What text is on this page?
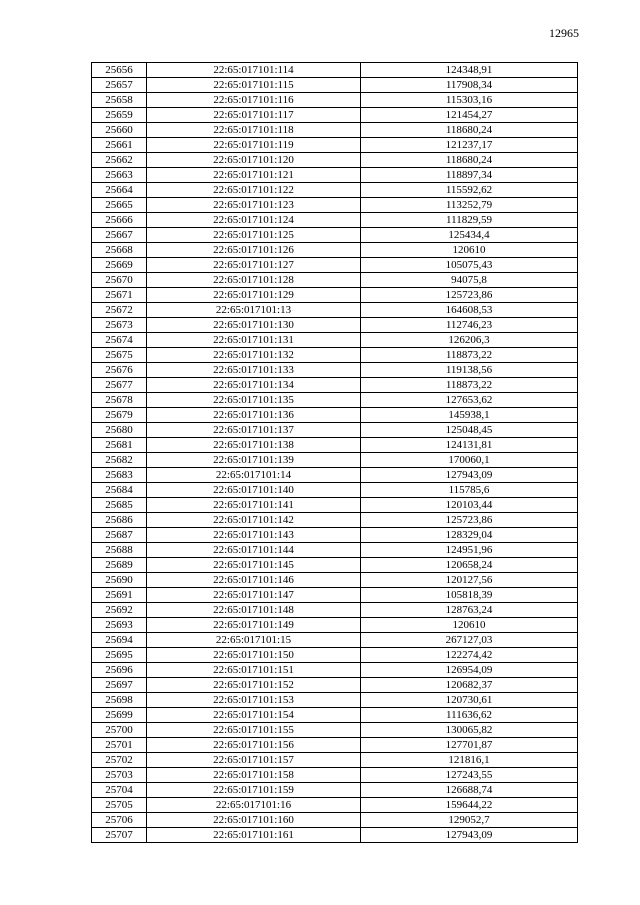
12965
25656	22:65:017101:114	124348,91
25657	22:65:017101:115	117908,34
25658	22:65:017101:116	115303,16
25659	22:65:017101:117	121454,27
25660	22:65:017101:118	118680,24
25661	22:65:017101:119	121237,17
25662	22:65:017101:120	118680,24
25663	22:65:017101:121	118897,34
25664	22:65:017101:122	115592,62
25665	22:65:017101:123	113252,79
25666	22:65:017101:124	111829,59
25667	22:65:017101:125	125434,4
25668	22:65:017101:126	120610
25669	22:65:017101:127	105075,43
25670	22:65:017101:128	94075,8
25671	22:65:017101:129	125723,86
25672	22:65:017101:13	164608,53
25673	22:65:017101:130	112746,23
25674	22:65:017101:131	126206,3
25675	22:65:017101:132	118873,22
25676	22:65:017101:133	119138,56
25677	22:65:017101:134	118873,22
25678	22:65:017101:135	127653,62
25679	22:65:017101:136	145938,1
25680	22:65:017101:137	125048,45
25681	22:65:017101:138	124131,81
25682	22:65:017101:139	170060,1
25683	22:65:017101:14	127943,09
25684	22:65:017101:140	115785,6
25685	22:65:017101:141	120103,44
25686	22:65:017101:142	125723,86
25687	22:65:017101:143	128329,04
25688	22:65:017101:144	124951,96
25689	22:65:017101:145	120658,24
25690	22:65:017101:146	120127,56
25691	22:65:017101:147	105818,39
25692	22:65:017101:148	128763,24
25693	22:65:017101:149	120610
25694	22:65:017101:15	267127,03
25695	22:65:017101:150	122274,42
25696	22:65:017101:151	126954,09
25697	22:65:017101:152	120682,37
25698	22:65:017101:153	120730,61
25699	22:65:017101:154	111636,62
25700	22:65:017101:155	130065,82
25701	22:65:017101:156	127701,87
25702	22:65:017101:157	121816,1
25703	22:65:017101:158	127243,55
25704	22:65:017101:159	126688,74
25705	22:65:017101:16	159644,22
25706	22:65:017101:160	129052,7
25707	22:65:017101:161	127943,09
